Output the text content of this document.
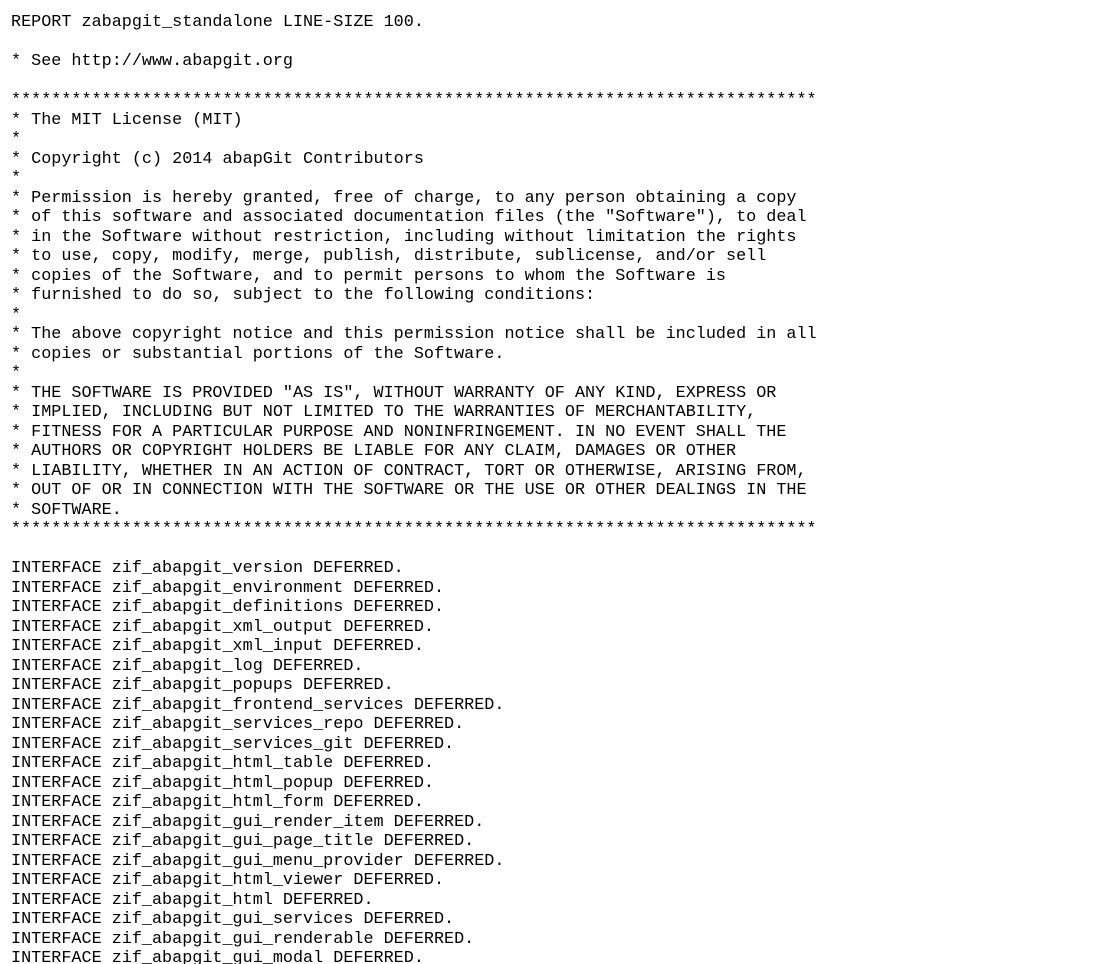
REPORT zabapgit_standalone LINE-SIZE 100.
* See http://www.abapgit.org
********************************************************************************
* The MIT License (MIT)
*
* Copyright (c) 2014 abapGit Contributors
*
* Permission is hereby granted, free of charge, to any person obtaining a copy
* of this software and associated documentation files (the "Software"), to deal
* in the Software without restriction, including without limitation the rights
* to use, copy, modify, merge, publish, distribute, sublicense, and/or sell
* copies of the Software, and to permit persons to whom the Software is
* furnished to do so, subject to the following conditions:
*
* The above copyright notice and this permission notice shall be included in all
* copies or substantial portions of the Software.
*
* THE SOFTWARE IS PROVIDED "AS IS", WITHOUT WARRANTY OF ANY KIND, EXPRESS OR
* IMPLIED, INCLUDING BUT NOT LIMITED TO THE WARRANTIES OF MERCHANTABILITY,
* FITNESS FOR A PARTICULAR PURPOSE AND NONINFRINGEMENT. IN NO EVENT SHALL THE
* AUTHORS OR COPYRIGHT HOLDERS BE LIABLE FOR ANY CLAIM, DAMAGES OR OTHER
* LIABILITY, WHETHER IN AN ACTION OF CONTRACT, TORT OR OTHERWISE, ARISING FROM,
* OUT OF OR IN CONNECTION WITH THE SOFTWARE OR THE USE OR OTHER DEALINGS IN THE
* SOFTWARE.
********************************************************************************
INTERFACE zif_abapgit_version DEFERRED.
INTERFACE zif_abapgit_environment DEFERRED.
INTERFACE zif_abapgit_definitions DEFERRED.
INTERFACE zif_abapgit_xml_output DEFERRED.
INTERFACE zif_abapgit_xml_input DEFERRED.
INTERFACE zif_abapgit_log DEFERRED.
INTERFACE zif_abapgit_popups DEFERRED.
INTERFACE zif_abapgit_frontend_services DEFERRED.
INTERFACE zif_abapgit_services_repo DEFERRED.
INTERFACE zif_abapgit_services_git DEFERRED.
INTERFACE zif_abapgit_html_table DEFERRED.
INTERFACE zif_abapgit_html_popup DEFERRED.
INTERFACE zif_abapgit_html_form DEFERRED.
INTERFACE zif_abapgit_gui_render_item DEFERRED.
INTERFACE zif_abapgit_gui_page_title DEFERRED.
INTERFACE zif_abapgit_gui_menu_provider DEFERRED.
INTERFACE zif_abapgit_html_viewer DEFERRED.
INTERFACE zif_abapgit_html DEFERRED.
INTERFACE zif_abapgit_gui_services DEFERRED.
INTERFACE zif_abapgit_gui_renderable DEFERRED.
INTERFACE zif_abapgit_gui_modal DEFERRED.
